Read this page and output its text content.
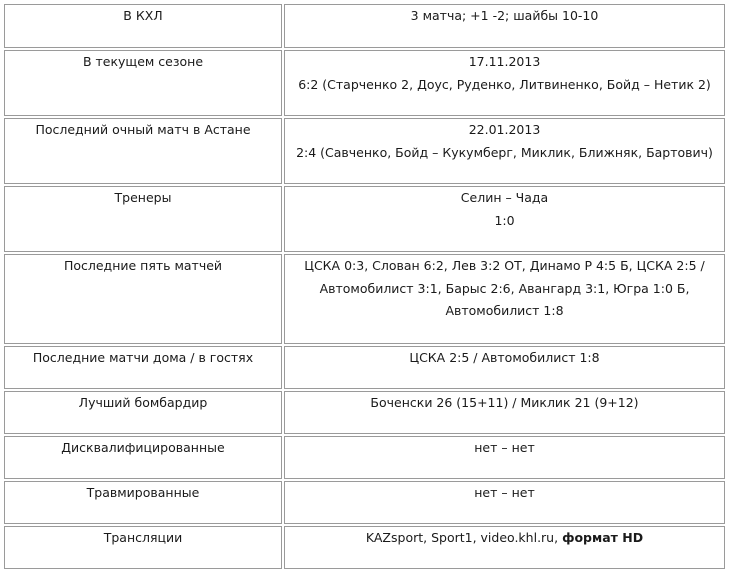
В КХЛ	3 матча; +1 -2; шайбы 10-10

В текущем сезоне	17.11.2013
6:2 (Старченко 2, Доус, Руденко, Литвиненко, Бойд – Нетик 2)

Последний очный матч в Астане	22.01.2013
2:4 (Савченко, Бойд – Кукумберг, Миклик, Ближняк, Бартович)

Тренеры	Селин – Чада
1:0

Последние пять матчей	ЦСКА 0:3, Слован 6:2, Лев 3:2 ОТ, Динамо Р 4:5 Б, ЦСКА 2:5 /
Автомобилист 3:1, Барыс 2:6, Авангард 3:1, Югра 1:0 Б,
Автомобилист 1:8

Последние матчи дома / в гостях	ЦСКА 2:5 / Автомобилист 1:8

Лучший бомбардир	Боченски 26 (15+11) / Миклик 21 (9+12)

Дисквалифицированные	нет – нет

Травмированные	нет – нет

Трансляции	KAZsport, Sport1, video.khl.ru, формат HD
